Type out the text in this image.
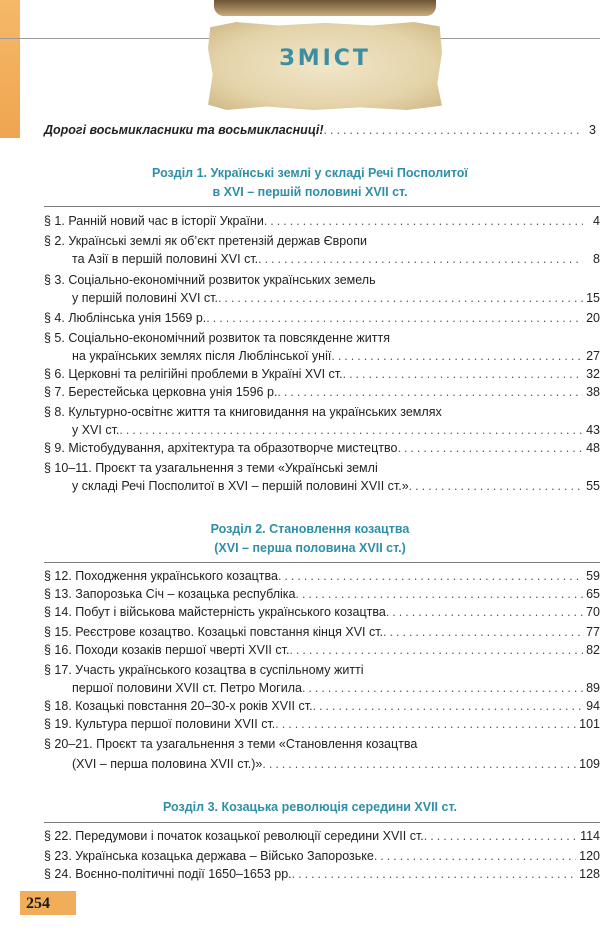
ЗМІСТ
Дорогі восьмикласники та восьмикласниці! .....	3
Розділ 1. Українські землі у складі Речі Посполитої
в XVI – першій половині XVII ст.
§ 1. Ранній новий час в історії України .....	4
§ 2. Українські землі як об’єкт претензій держав Європи
та Азії в першій половині XVI ст. .....	8
§ 3. Соціально-економічний розвиток українських земель
у першій половині XVI ст. .....	15
§ 4. Люблінська унія 1569 р. .....	20
§ 5. Соціально-економічний розвиток та повсякденне життя
на українських землях після Люблінської унії .....	27
§ 6. Церковні та релігійні проблеми в Україні XVI ст. .....	32
§ 7. Берестейська церковна унія 1596 р. .....	38
§ 8. Культурно-освітнє життя та книговидання на українських землях
у XVI ст. .....	43
§ 9. Містобудування, архітектура та образотворче мистецтво .....	48
§ 10–11. Проєкт та узагальнення з теми «Українські землі
у складі Речі Посполитої в XVI – першій половині XVII ст.» .....	55
Розділ 2. Становлення козацтва
(XVI – перша половина XVII ст.)
§ 12. Походження українського козацтва .....	59
§ 13. Запорозька Січ – козацька республіка .....	65
§ 14. Побут і військова майстерність українського козацтва .....	70
§ 15. Реєстрове козацтво. Козацькі повстання кінця XVI ст. .....	77
§ 16. Походи козаків першої чверті XVII ст. .....	82
§ 17. Участь українського козацтва в суспільному житті
першої половини XVII ст. Петро Могила .....	89
§ 18. Козацькі повстання 20–30-х років XVII ст. .....	94
§ 19. Культура першої половини XVII ст. .....	101
§ 20–21. Проєкт та узагальнення з теми «Становлення козацтва
(XVI – перша половина XVII ст.)» .....	109
Розділ 3. Козацька революція середини XVII ст.
§ 22. Передумови і початок козацької революції середини XVII ст. .....	114
§ 23. Українська козацька держава – Військо Запорозьке .....	120
§ 24. Воєнно-політичні події 1650–1653 рр. .....	128
254
